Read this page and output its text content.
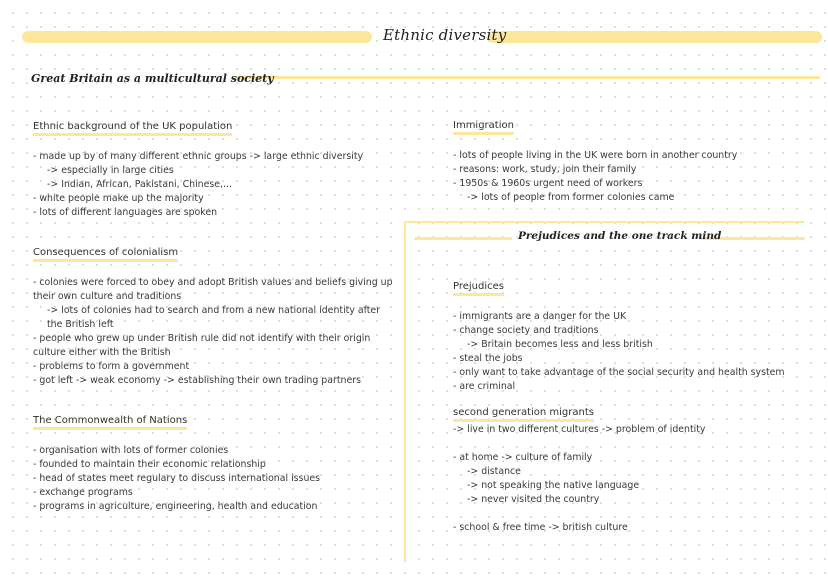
Ethnic diversity
Great Britain as a multicultural society
Prejudices and the one track mind
Ethnic background of the UK population
- made up by of many different ethnic groups -> large ethnic diversity
-> especially in large cities
-> Indian, African, Pakistani, Chinese,...
- white people make up the majority
- lots of different languages are spoken
Consequences of colonialism
- colonies were forced to obey and adopt British values and beliefs giving up their own culture and traditions
-> lots of colonies had to search and from a new national identity after the British left
- people who grew up under British rule did not identify with their origin culture either with the British
- problems to form a government
- got left -> weak economy -> establishing their own trading partners
The Commonwealth of Nations
- organisation with lots of former colonies
- founded to maintain their economic relationship
- head of states meet regulary to discuss international issues
- exchange programs
- programs in agriculture, engineering, health and education
Immigration
- lots of people living in the UK were born in another country
- reasons: work, study, join their family
- 1950s & 1960s urgent need of workers
-> lots of people from former colonies came
Prejudices
- immigrants are a danger for the UK
- change society and traditions
-> Britain becomes less and less british
- steal the jobs
- only want to take advantage of the social security and health system
- are criminal
second generation migrants
-> live in two different cultures -> problem of identity
- at home -> culture of family
-> distance
-> not speaking the native language
-> never visited the country
- school & free time -> british culture
